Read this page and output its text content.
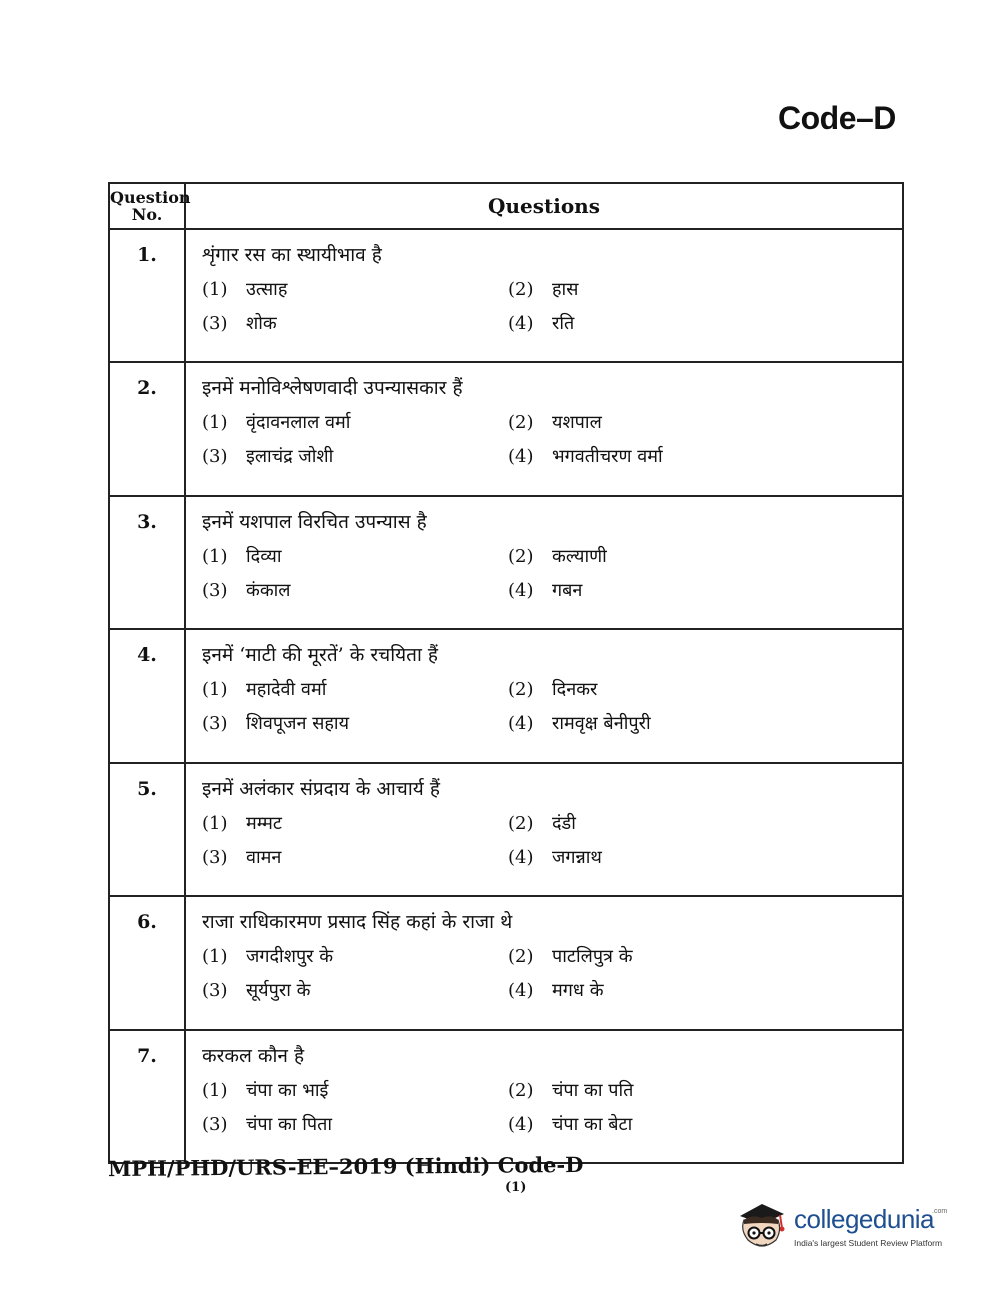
Code–D
Question No.	Questions
1.	शृंगार रस का स्थायीभाव है
(1) उत्साह (2) हास
(3) शोक (4) रति

2.	इनमें मनोविश्लेषणवादी उपन्यासकार हैं
(1) वृंदावनलाल वर्मा (2) यशपाल
(3) इलाचंद्र जोशी (4) भगवतीचरण वर्मा

3.	इनमें यशपाल विरचित उपन्यास है
(1) दिव्या (2) कल्याणी
(3) कंकाल (4) गबन

4.	इनमें ‘माटी की मूरतें’ के रचयिता हैं
(1) महादेवी वर्मा (2) दिनकर
(3) शिवपूजन सहाय (4) रामवृक्ष बेनीपुरी

5.	इनमें अलंकार संप्रदाय के आचार्य हैं
(1) मम्मट (2) दंडी
(3) वामन (4) जगन्नाथ

6.	राजा राधिकारमण प्रसाद सिंह कहां के राजा थे
(1) जगदीशपुर के (2) पाटलिपुत्र के
(3) सूर्यपुरा के (4) मगध के

7.	करकल कौन है
(1) चंपा का भाई (2) चंपा का पति
(3) चंपा का पिता (4) चंपा का बेटा
MPH/PHD/URS-EE–2019 (Hindi) Code-D
(1)
collegedunia
.com
India's largest Student Review Platform
